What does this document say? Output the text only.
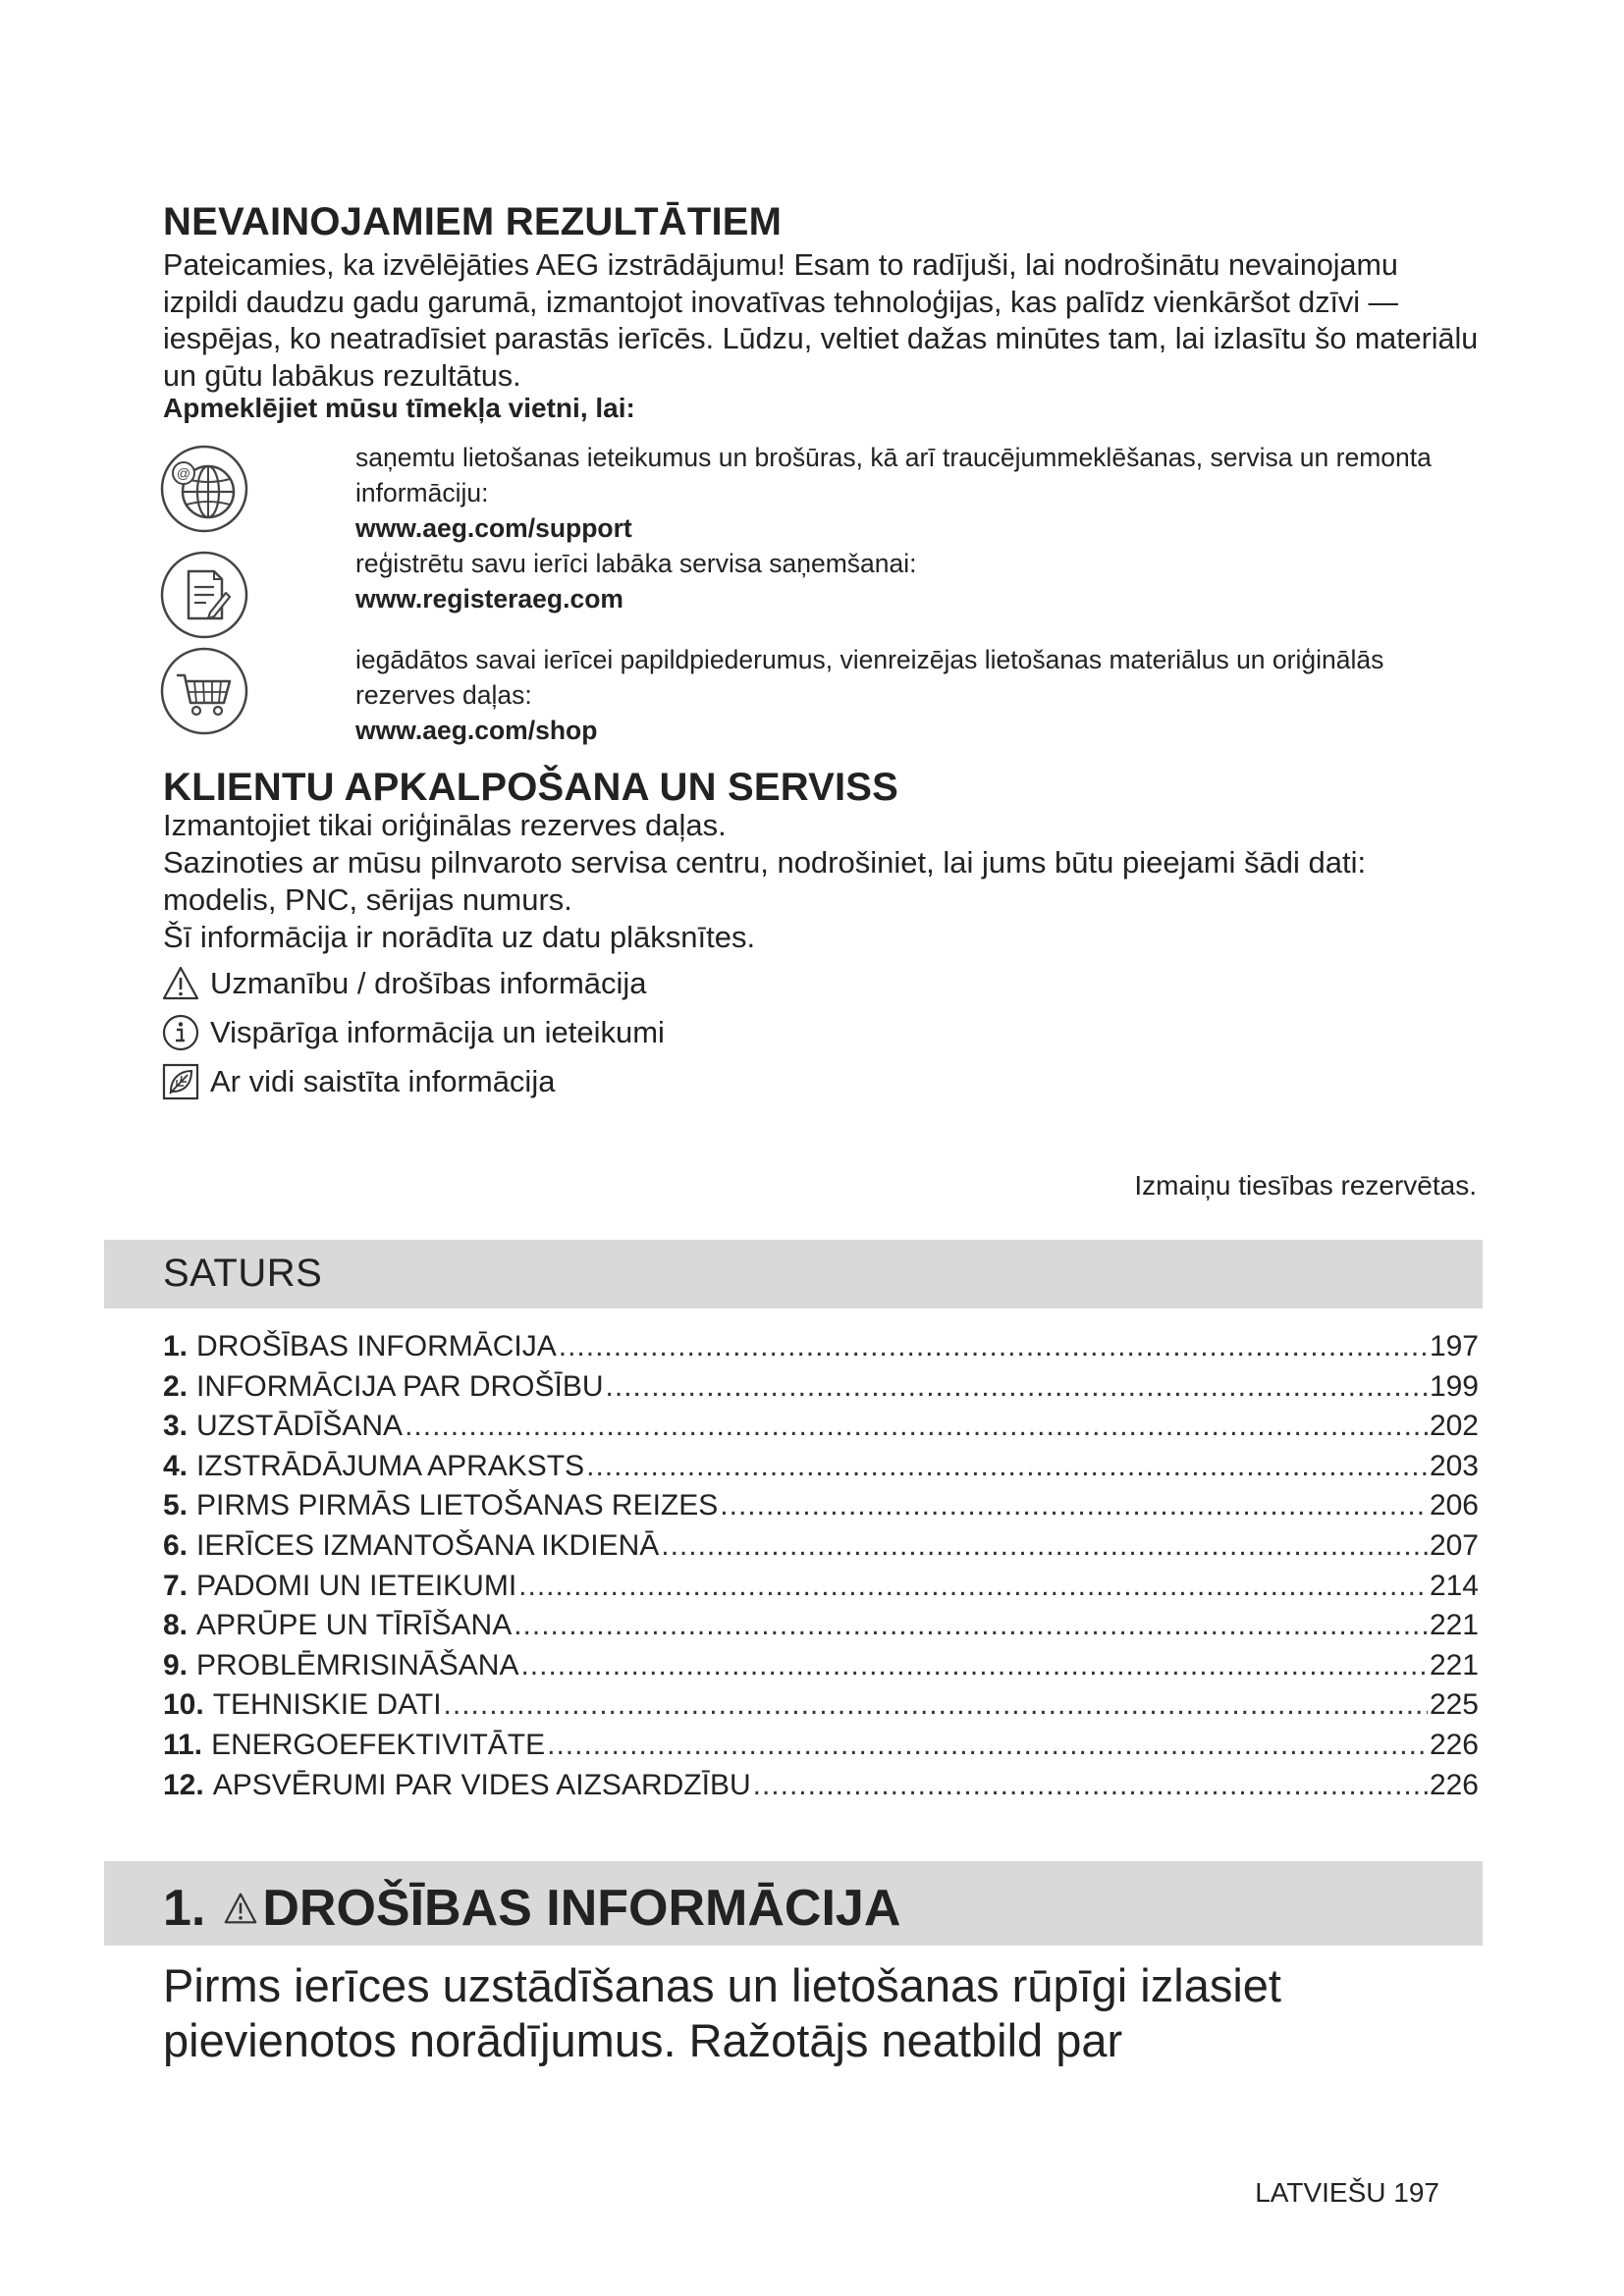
NEVAINOJAMIEM REZULTĀTIEM

Pateicamies, ka izvēlējāties AEG izstrādājumu! Esam to radījuši, lai nodrošinātu nevainojamu izpildi daudzu gadu garumā, izmantojot inovatīvas tehnoloģijas, kas palīdz vienkāršot dzīvi — iespējas, ko neatradīsiet parastās ierīcēs. Lūdzu, veltiet dažas minūtes tam, lai izlasītu šo materiālu un gūtu labākus rezultātus.

Apmeklējiet mūsu tīmekļa vietni, lai:

@
saņemtu lietošanas ieteikumus un brošūras, kā arī traucējummeklēšanas, servisa un remonta informāciju:
www.aeg.com/support
reģistrētu savu ierīci labāka servisa saņemšanai:
www.registeraeg.com
iegādātos savai ierīcei papildpiederumus, vienreizējas lietošanas materiālus un oriģinālās rezerves daļas:
www.aeg.com/shop
KLIENTU APKALPOŠANA UN SERVISS
Izmantojiet tikai oriģinālas rezerves daļas.
Sazinoties ar mūsu pilnvaroto servisa centru, nodrošiniet, lai jums būtu pieejami šādi dati: modelis, PNC, sērijas numurs.
Šī informācija ir norādīta uz datu plāksnītes.
Uzmanību / drošības informācija
Vispārīga informācija un ieteikumi
Ar vidi saistīta informācija
Izmaiņu tiesības rezervētas.
SATURS
1. DROŠĪBAS INFORMĀCIJA .....	197
2. INFORMĀCIJA PAR DROŠĪBU .....	199
3. UZSTĀDĪŠANA .....	202
4. IZSTRĀDĀJUMA APRAKSTS .....	203
5. PIRMS PIRMĀS LIETOŠANAS REIZES .....	206
6. IERĪCES IZMANTOŠANA IKDIENĀ .....	207
7. PADOMI UN IETEIKUMI .....	214
8. APRŪPE UN TĪRĪŠANA .....	221
9. PROBLĒMRISINĀŠANA .....	221
10. TEHNISKIE DATI .....	225
11. ENERGOEFEKTIVITĀTE .....	226
12. APSVĒRUMI PAR VIDES AIZSARDZĪBU .....	226
1. DROŠĪBAS INFORMĀCIJA

Pirms ierīces uzstādīšanas un lietošanas rūpīgi izlasiet pievienotos norādījumus. Ražotājs neatbild par

LATVIEŠU 197
